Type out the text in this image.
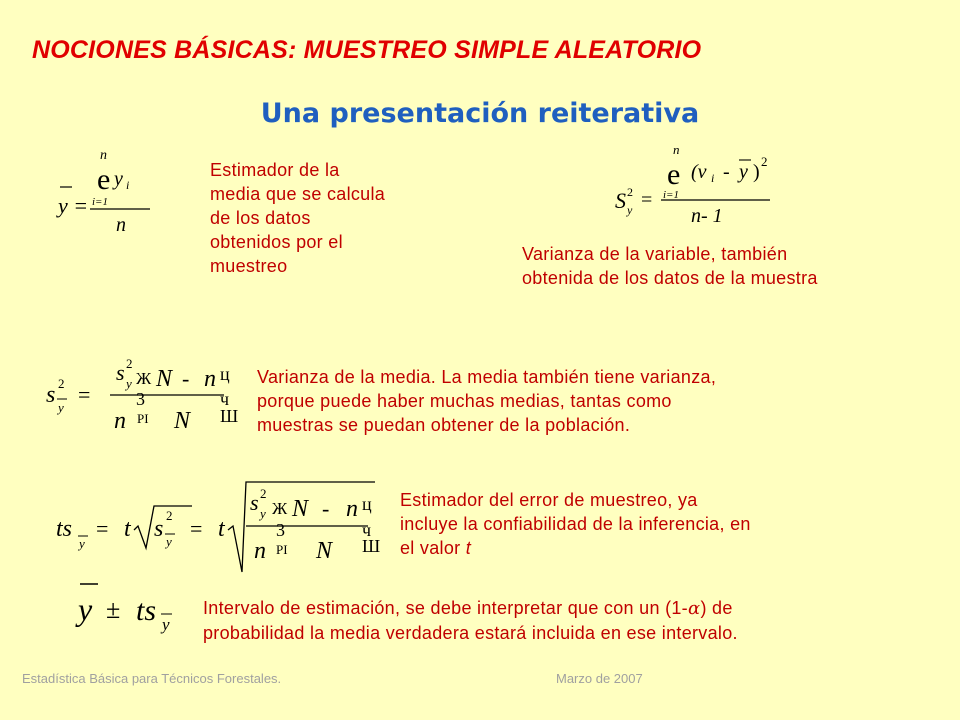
NOCIONES BÁSICAS: MUESTREO SIMPLE ALEATORIO
Una presentación reiterativa
y =
n
e y i
i=1
n
Estimador de la
media que se calcula
de los datos
obtenidos por el
muestreo
S 2
y =
n
e (v i - y ) 2
i=1
n- 1
Varianza de la variable, también
obtenida de los datos de la muestra
s 2
y
=
s 2
y Ж N - n ц
3	ч
n PI N Ш
Varianza de la media. La media también tiene varianza,
porque puede haber muchas medias, tantas como
muestras se puedan obtener de la población.
ts
y
= t s
2
y
= t
s 2
y Ж N - n ц
3	ч
n PI N Ш
Estimador del error de muestreo, ya
incluye la confiabilidad de la inferencia, en
el valor t
y ± ts y
Intervalo de estimación, se debe interpretar que con un (1-α) de
probabilidad la media verdadera estará incluida en ese intervalo.
Estadística Básica para Técnicos Forestales.	Marzo de 2007
